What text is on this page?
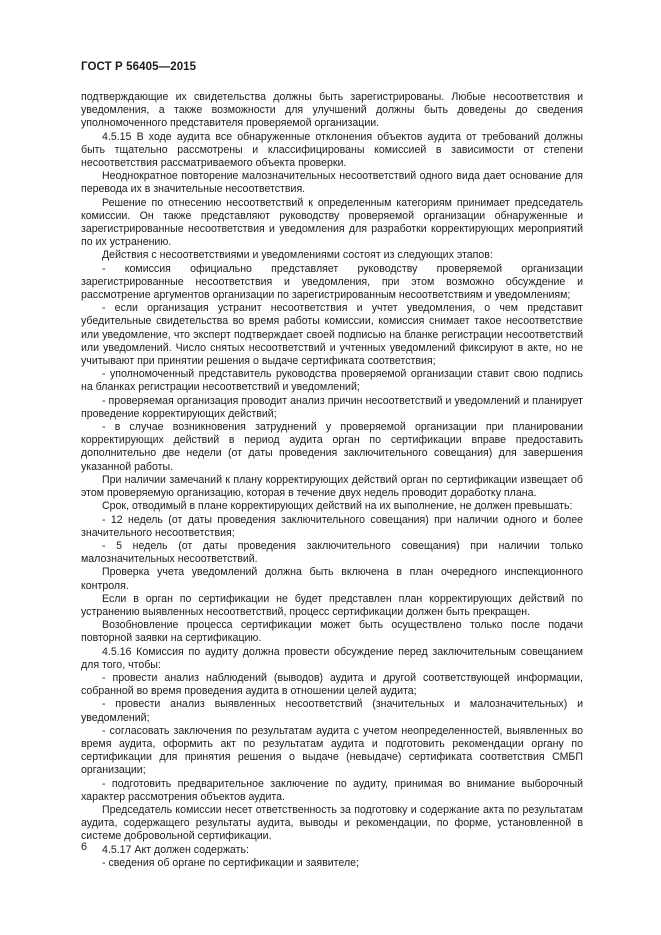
ГОСТ Р 56405—2015

подтверждающие их свидетельства должны быть зарегистрированы. Любые несоответствия и уведомления, а также возможности для улучшений должны быть доведены до сведения уполномоченного представителя проверяемой организации.

4.5.15 В ходе аудита все обнаруженные отклонения объектов аудита от требований должны быть тщательно рассмотрены и классифицированы комиссией в зависимости от степени несоответствия рассматриваемого объекта проверки.

Неоднократное повторение малозначительных несоответствий одного вида дает основание для перевода их в значительные несоответствия.

Решение по отнесению несоответствий к определенным категориям принимает председатель комиссии. Он также представляют руководству проверяемой организации обнаруженные и зарегистрированные несоответствия и уведомления для разработки корректирующих мероприятий по их устранению.

Действия с несоответствиями и уведомлениями состоят из следующих этапов:

- комиссия официально представляет руководству проверяемой организации зарегистрированные несоответствия и уведомления, при этом возможно обсуждение и рассмотрение аргументов организации по зарегистрированным несоответствиям и уведомлениям;

- если организация устранит несоответствия и учтет уведомления, о чем представит убедительные свидетельства во время работы комиссии, комиссия снимает такое несоответствие или уведомление, что эксперт подтверждает своей подписью на бланке регистрации несоответствий или уведомлений. Число снятых несоответствий и учтенных уведомлений фиксируют в акте, но не учитывают при принятии решения о выдаче сертификата соответствия;

- уполномоченный представитель руководства проверяемой организации ставит свою подпись на бланках регистрации несоответствий и уведомлений;

- проверяемая организация проводит анализ причин несоответствий и уведомлений и планирует проведение корректирующих действий;

- в случае возникновения затруднений у проверяемой организации при планировании корректирующих действий в период аудита орган по сертификации вправе предоставить дополнительно две недели (от даты проведения заключительного совещания) для завершения указанной работы.

При наличии замечаний к плану корректирующих действий орган по сертификации извещает об этом проверяемую организацию, которая в течение двух недель проводит доработку плана.

Срок, отводимый в плане корректирующих действий на их выполнение, не должен превышать:

- 12 недель (от даты проведения заключительного совещания) при наличии одного и более значительного несоответствия;

- 5 недель (от даты проведения заключительного совещания) при наличии только малозначительных несоответствий.

Проверка учета уведомлений должна быть включена в план очередного инспекционного контроля.

Если в орган по сертификации не будет представлен план корректирующих действий по устранению выявленных несоответствий, процесс сертификации должен быть прекращен.

Возобновление процесса сертификации может быть осуществлено только после подачи повторной заявки на сертификацию.

4.5.16 Комиссия по аудиту должна провести обсуждение перед заключительным совещанием для того, чтобы:

- провести анализ наблюдений (выводов) аудита и другой соответствующей информации, собранной во время проведения аудита в отношении целей аудита;

- провести анализ выявленных несоответствий (значительных и малозначительных) и уведомлений;

- согласовать заключения по результатам аудита с учетом неопределенностей, выявленных во время аудита, оформить акт по результатам аудита и подготовить рекомендации органу по сертификации для принятия решения о выдаче (невыдаче) сертификата соответствия СМБП организации;

- подготовить предварительное заключение по аудиту, принимая во внимание выборочный характер рассмотрения объектов аудита.

Председатель комиссии несет ответственность за подготовку и содержание акта по результатам аудита, содержащего результаты аудита, выводы и рекомендации, по форме, установленной в системе добровольной сертификации.

4.5.17 Акт должен содержать:

- сведения об органе по сертификации и заявителе;

6
